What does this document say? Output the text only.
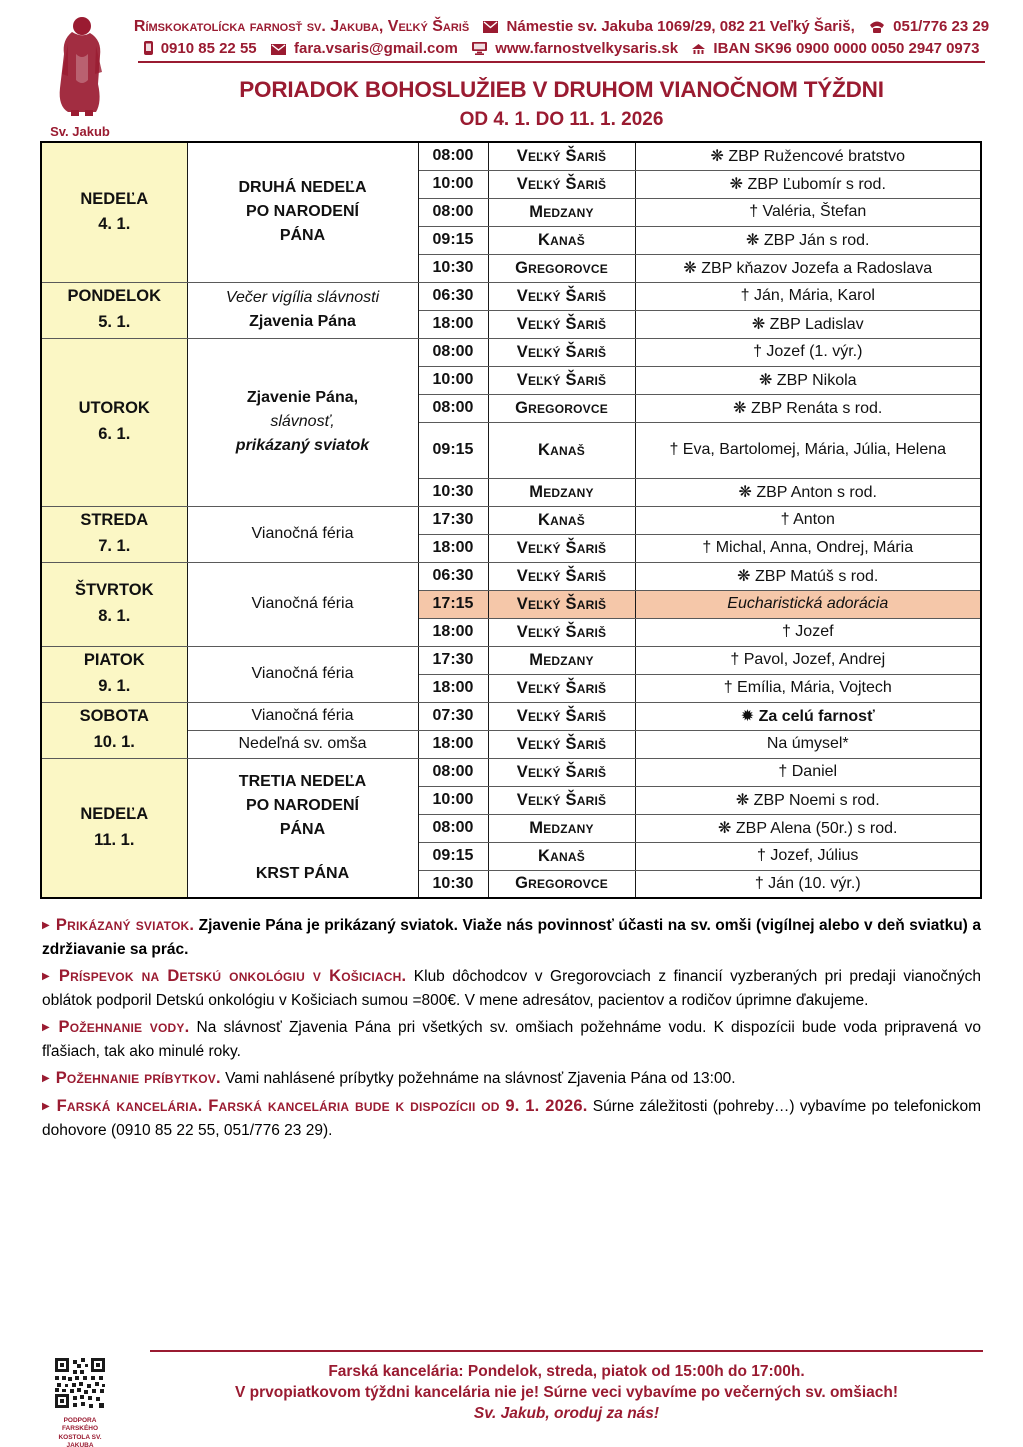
Sv. Jakub
Rímskokatolícka farnosť sv. Jakuba, Veľký Šariš Námestie sv. Jakuba 1069/29, 082 21 Veľký Šariš,	051/776 23 29
0910 85 22 55 fara.vsaris@gmail.com www.farnostvelkysaris.sk IBAN SK96 0900 0000 0050 2947 0973
PORIADOK BOHOSLUŽIEB V DRUHOM VIANOČNOM TÝŽDNI
OD 4. 1. DO 11. 1. 2026
NEDEĽA
4. 1.

DRUHÁ NEDEĽA
PO NARODENÍ
PÁNA
	08:00	Veľký Šariš	❋ ZBP Ružencové bratstvo
		10:00	Veľký Šariš	❋ ZBP Ľubomír s rod.
		08:00	Medzany	† Valéria, Štefan
		09:15	Kanaš	❋ ZBP Ján s rod.
		10:30	Gregorovce	❋ ZBP kňazov Jozefa a Radoslava

PONDELOK
5. 1.

Večer vigília slávnosti
Zjavenia Pána
	06:30	Veľký Šariš	† Ján, Mária, Karol
		18:00	Veľký Šariš	❋ ZBP Ladislav

UTOROK
6. 1.

Zjavenie Pána,
slávnosť,
prikázaný sviatok
	08:00	Veľký Šariš	† Jozef (1. výr.)
		10:00	Veľký Šariš	❋ ZBP Nikola
		08:00	Gregorovce	❋ ZBP Renáta s rod.
		09:15	Kanaš	† Eva, Bartolomej, Mária, Júlia, Helena
		10:30	Medzany	❋ ZBP Anton s rod.

STREDA
7. 1.	Vianočná féria	17:30	Kanaš	† Anton
		18:00	Veľký Šariš	† Michal, Anna, Ondrej, Mária

ŠTVRTOK
8. 1.	Vianočná féria	06:30	Veľký Šariš	❋ ZBP Matúš s rod.
		17:15	Veľký Šariš	Eucharistická adorácia
		18:00	Veľký Šariš	† Jozef

PIATOK
9. 1.	Vianočná féria	17:30	Medzany	† Pavol, Jozef, Andrej
		18:00	Veľký Šariš	† Emília, Mária, Vojtech

SOBOTA
10. 1.	Vianočná féria	07:30	Veľký Šariš	✹ Za celú farnosť
	Nedeľná sv. omša	18:00	Veľký Šariš	Na úmysel*

NEDEĽA
11. 1.

TRETIA NEDEĽA
PO NARODENÍ
PÁNA
KRST PÁNA
	08:00	Veľký Šariš	† Daniel
		10:00	Veľký Šariš	❋ ZBP Noemi s rod.
		08:00	Medzany	❋ ZBP Alena (50r.) s rod.
		09:15	Kanaš	† Jozef, Július
		10:30	Gregorovce	† Ján (10. výr.)

▶ Prikázaný sviatok. Zjavenie Pána je prikázaný sviatok. Viaže nás povinnosť účasti na sv. omši (vigílnej alebo v deň sviatku) a zdržiavanie sa prác.

▶ Príspevok na Detskú onkológiu v Košiciach. Klub dôchodcov v Gregorovciach z financií vyzberaných pri predaji vianočných oblátok podporil Detskú onkológiu v Košiciach sumou =800€. V mene adresátov, pacientov a rodičov úprimne ďakujeme.

▶ Požehnanie vody. Na slávnosť Zjavenia Pána pri všetkých sv. omšiach požehnáme vodu. K dispozícii bude voda pripravená vo fľašiach, tak ako minulé roky.

▶ Požehnanie príbytkov. Vami nahlásené príbytky požehnáme na slávnosť Zjavenia Pána od 13:00.

▶ Farská kancelária. Farská kancelária bude k dispozícii od 9. 1. 2026. Súrne záležitosti (pohreby…) vybavíme po telefonickom dohovore (0910 85 22 55, 051/776 23 29).

PODPORA FARSKÉHO
KOSTOLA SV. JAKUBA
Farská kancelária: Pondelok, streda, piatok od 15:00h do 17:00h.
V prvopiatkovom týždni kancelária nie je! Súrne veci vybavíme po večerných sv. omšiach!
Sv. Jakub, oroduj za nás!
